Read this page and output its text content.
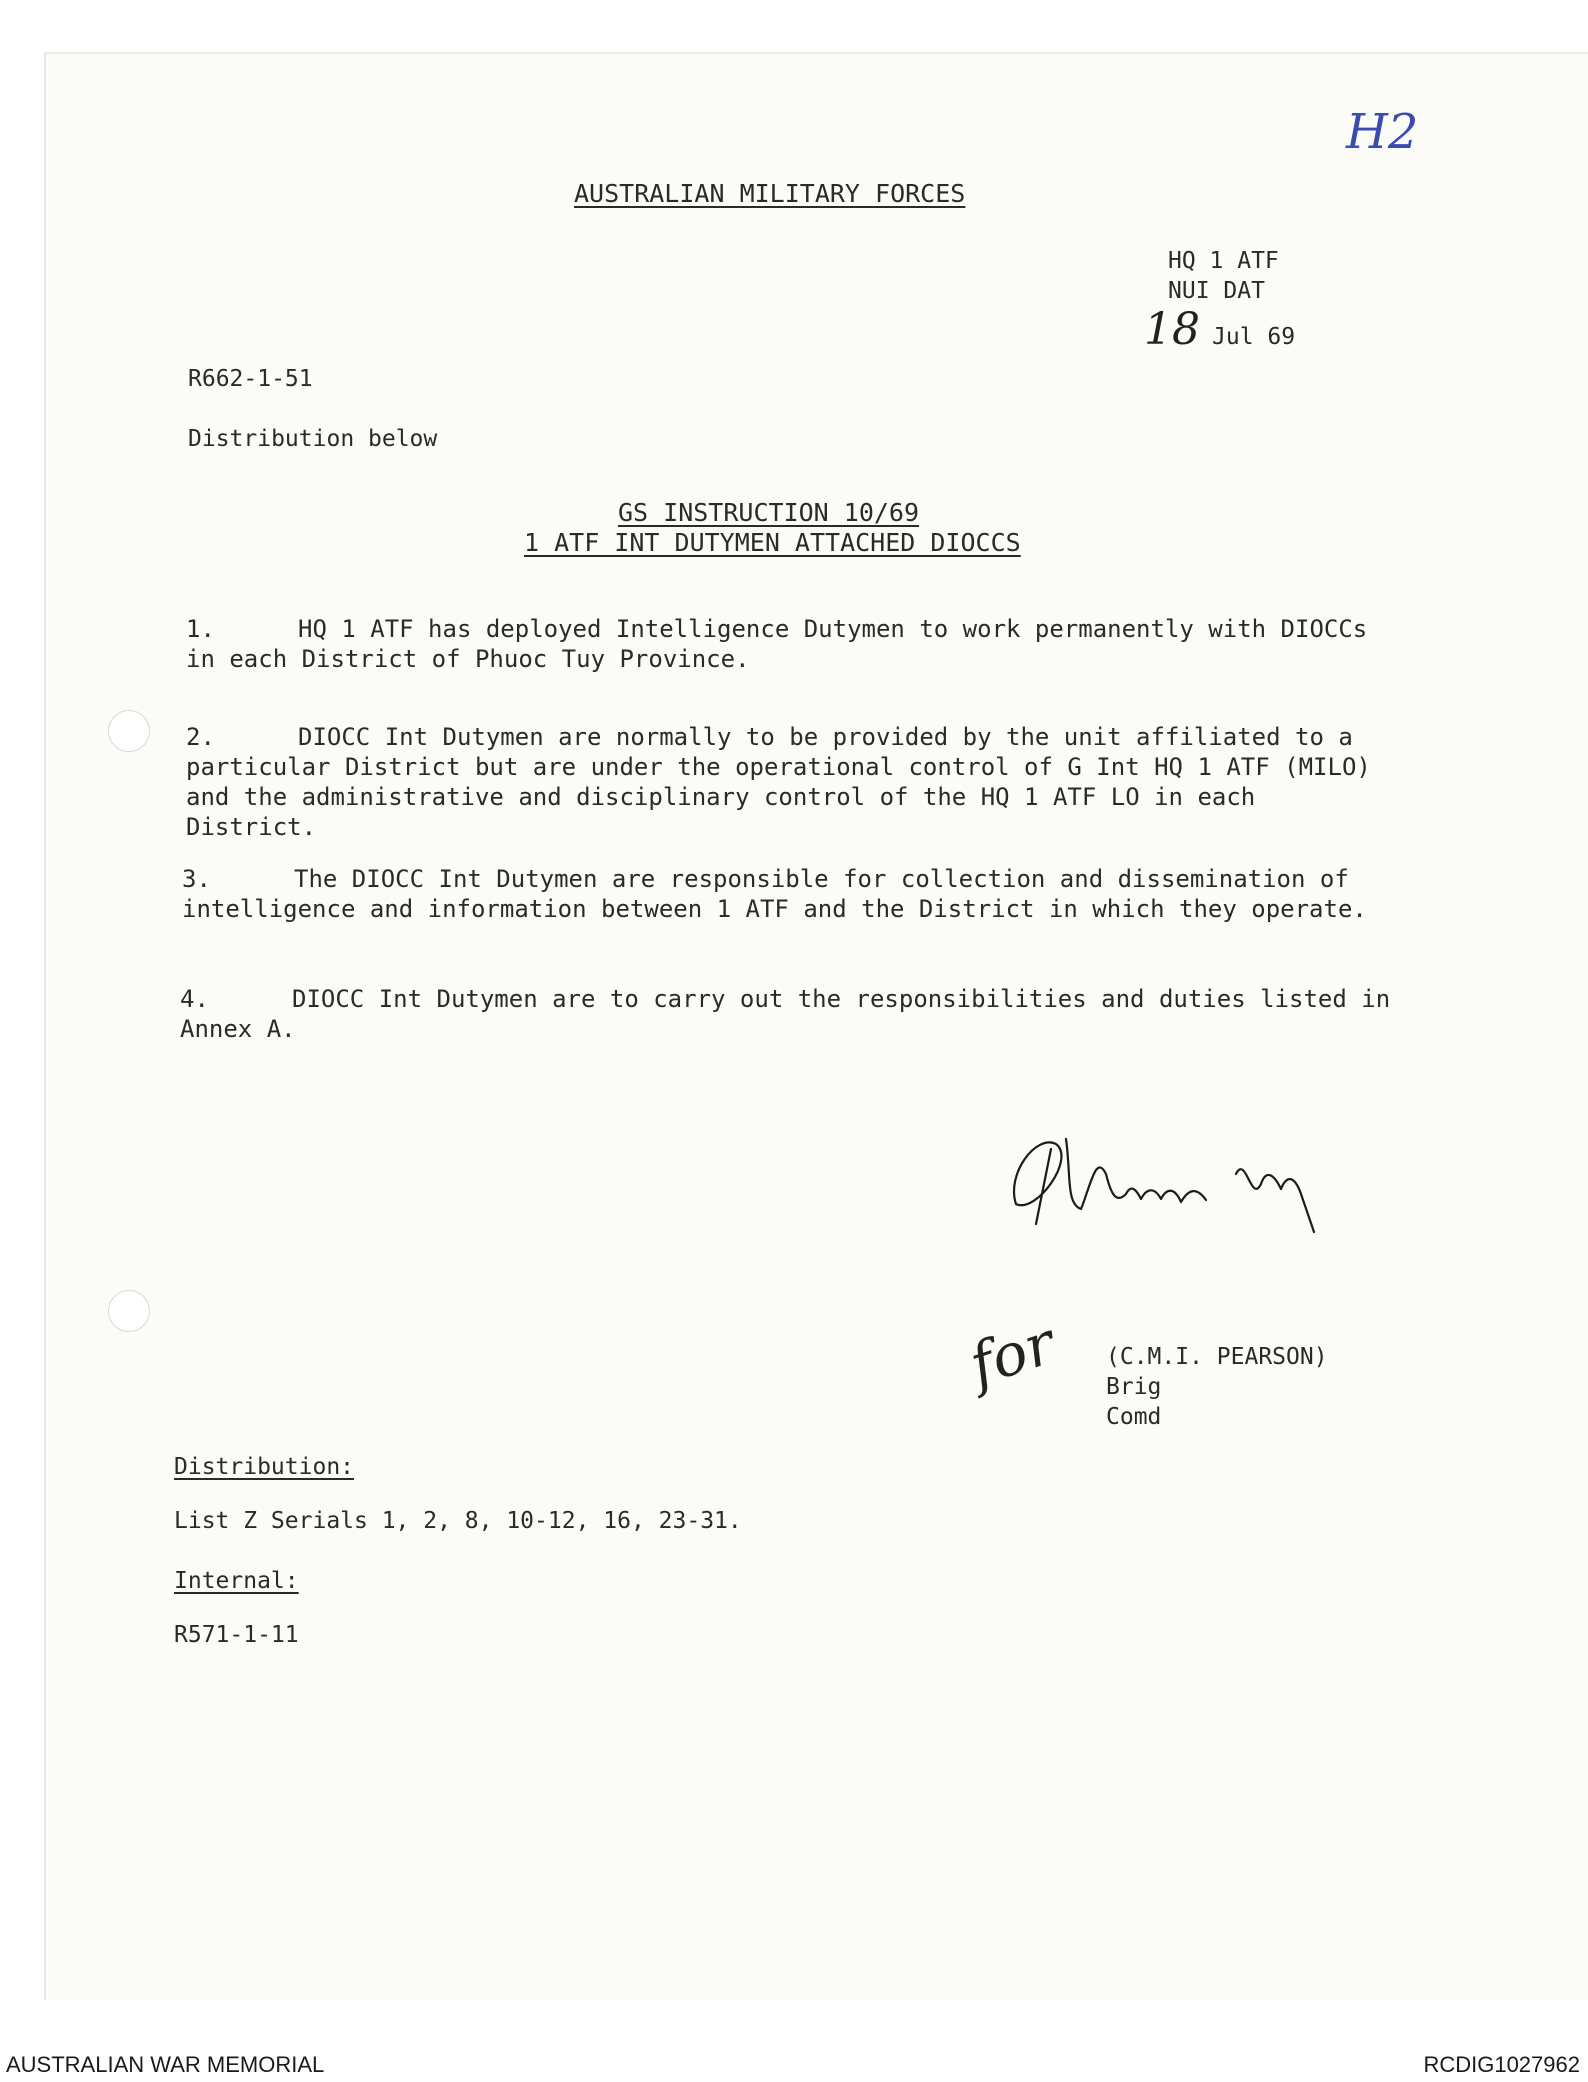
H2
AUSTRALIAN MILITARY FORCES
HQ 1 ATF
NUI DAT
18 Jul 69
R662-1-51
Distribution below
GS INSTRUCTION 10/69
1 ATF INT DUTYMEN ATTACHED DIOCCS
1.	HQ 1 ATF has deployed Intelligence Dutymen to work permanently with DIOCCs in each District of Phuoc Tuy Province.
2.	DIOCC Int Dutymen are normally to be provided by the unit affiliated to a particular District but are under the operational control of G Int HQ 1 ATF (MILO) and the administrative and disciplinary control of the HQ 1 ATF LO in each District.
3.	The DIOCC Int Dutymen are responsible for collection and dissemination of intelligence and information between 1 ATF and the District in which they operate.
4.	DIOCC Int Dutymen are to carry out the responsibilities and duties listed in Annex A.
for (C.M.I. PEARSON)
Brig
Comd
Distribution:
List Z Serials 1, 2, 8, 10-12, 16, 23-31.
Internal:
R571-1-11
AUSTRALIAN WAR MEMORIAL	RCDIG1027962
